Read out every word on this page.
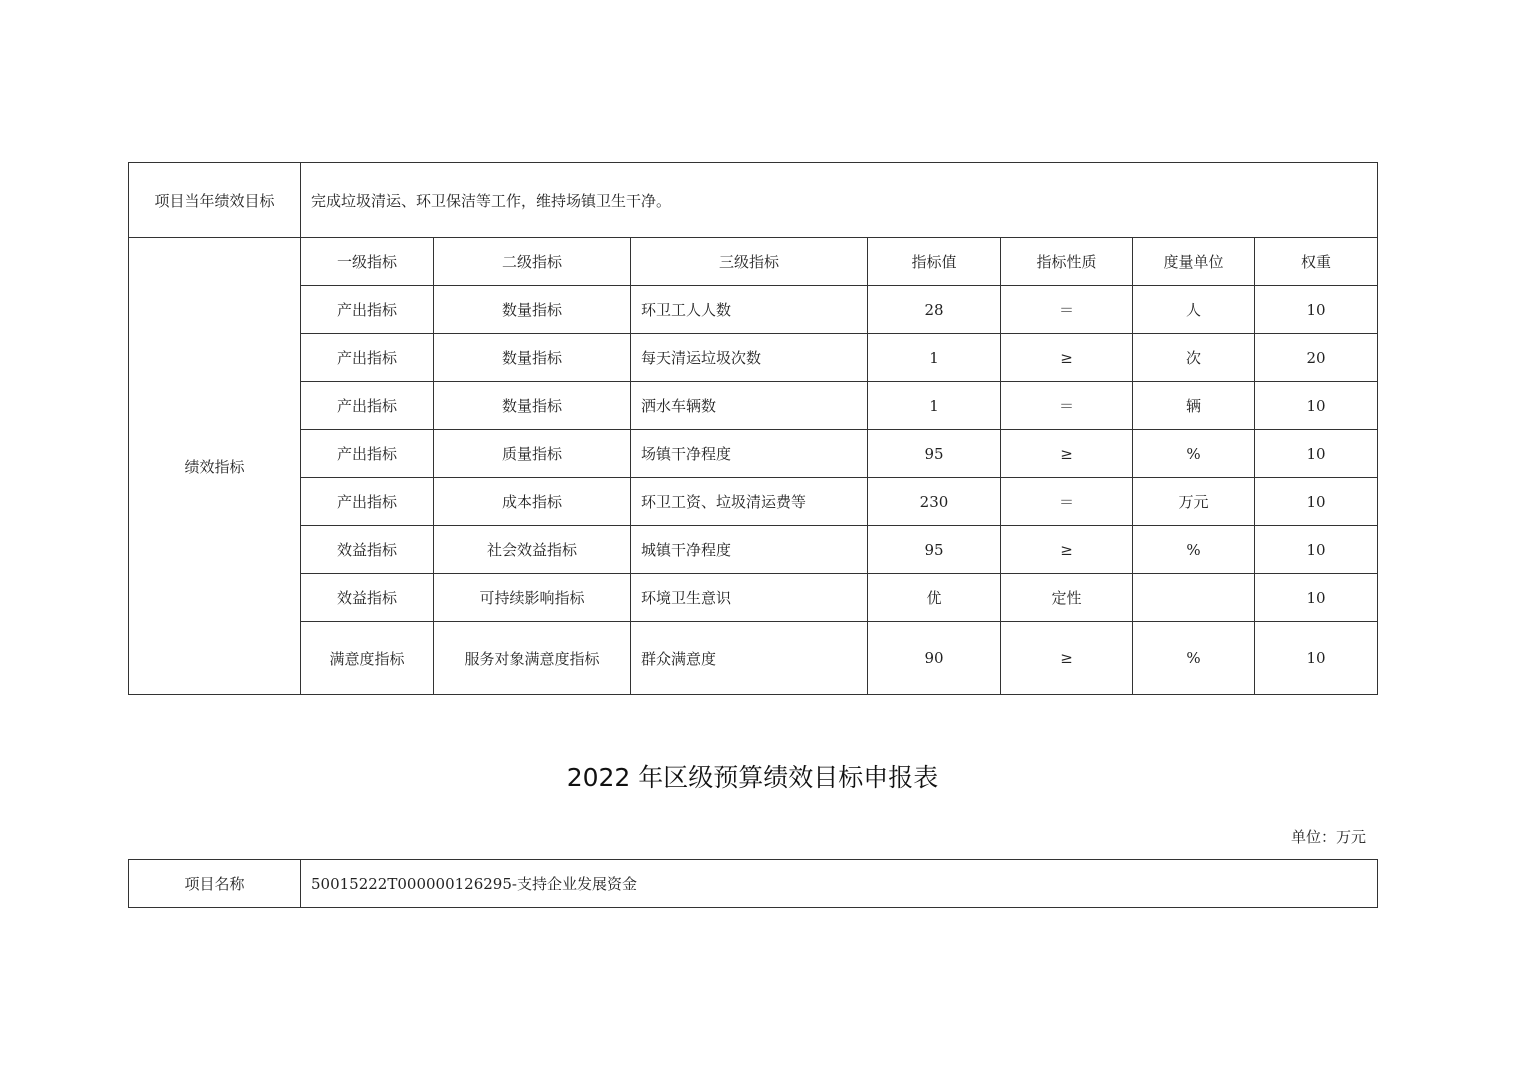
项目当年绩效目标	完成垃圾清运、环卫保洁等工作，维持场镇卫生干净。						
绩效指标	一级指标	二级指标	三级指标	指标值	指标性质	度量单位	权重
	产出指标	数量指标	环卫工人人数	28	＝	人	10
	产出指标	数量指标	每天清运垃圾次数	1	≥	次	20
	产出指标	数量指标	洒水车辆数	1	＝	辆	10
	产出指标	质量指标	场镇干净程度	95	≥	%	10
	产出指标	成本指标	环卫工资、垃圾清运费等	230	＝	万元	10
	效益指标	社会效益指标	城镇干净程度	95	≥	%	10
	效益指标	可持续影响指标	环境卫生意识	优	定性		10
	满意度指标	服务对象满意度指标	群众满意度	90	≥	%	10
2022 年区级预算绩效目标申报表
单位：万元
项目名称	50015222T000000126295-支持企业发展资金
